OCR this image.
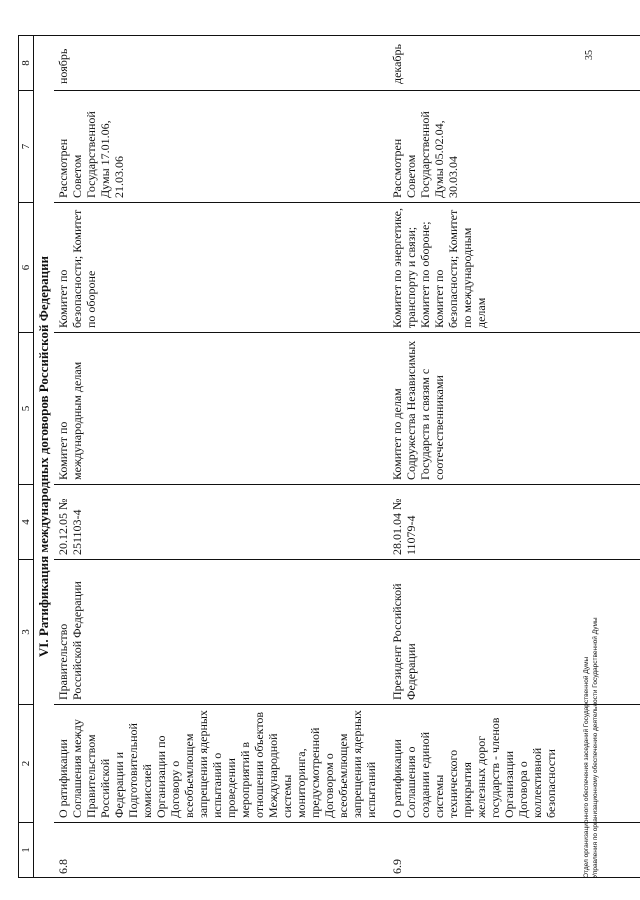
1	2	3	4	5	6	7	8
VI. Ратификация международных договоров Российской Федерации							
6.8	О ратификации Соглашения между Правительством Российской Федерации и Подготовительной комиссией Организации по Договору о всеобъемлющем запрещении ядерных испытаний о проведении мероприятий в отношении объектов Международной системы мониторинга, предусмотренной Договором о всеобъемлющем запрещении ядерных испытаний	Правительство Российской Федерации	20.12.05 № 251103-4	Комитет по международным делам	Комитет по безопасности; Комитет по обороне	Рассмотрен Советом Государственной Думы 17.01.06, 21.03.06	ноябрь
6.9	О ратификации Соглашения о создании единой системы технического прикрытия железных дорог государств - членов Организации Договора о коллективной безопасности	Президент Российской Федерации	28.01.04 № 11079-4	Комитет по делам Содружества Независимых Государств и связям с соотечественниками	Комитет по энергетике, транспорту и связи; Комитет по обороне; Комитет по безопасности; Комитет по международным делам	Рассмотрен Советом Государственной Думы 05.02.04, 30.03.04	декабрь
Отдел организационного обеспечения заседаний Государственной Думы Управления по организационному обеспечению деятельности Государственной Думы
35
